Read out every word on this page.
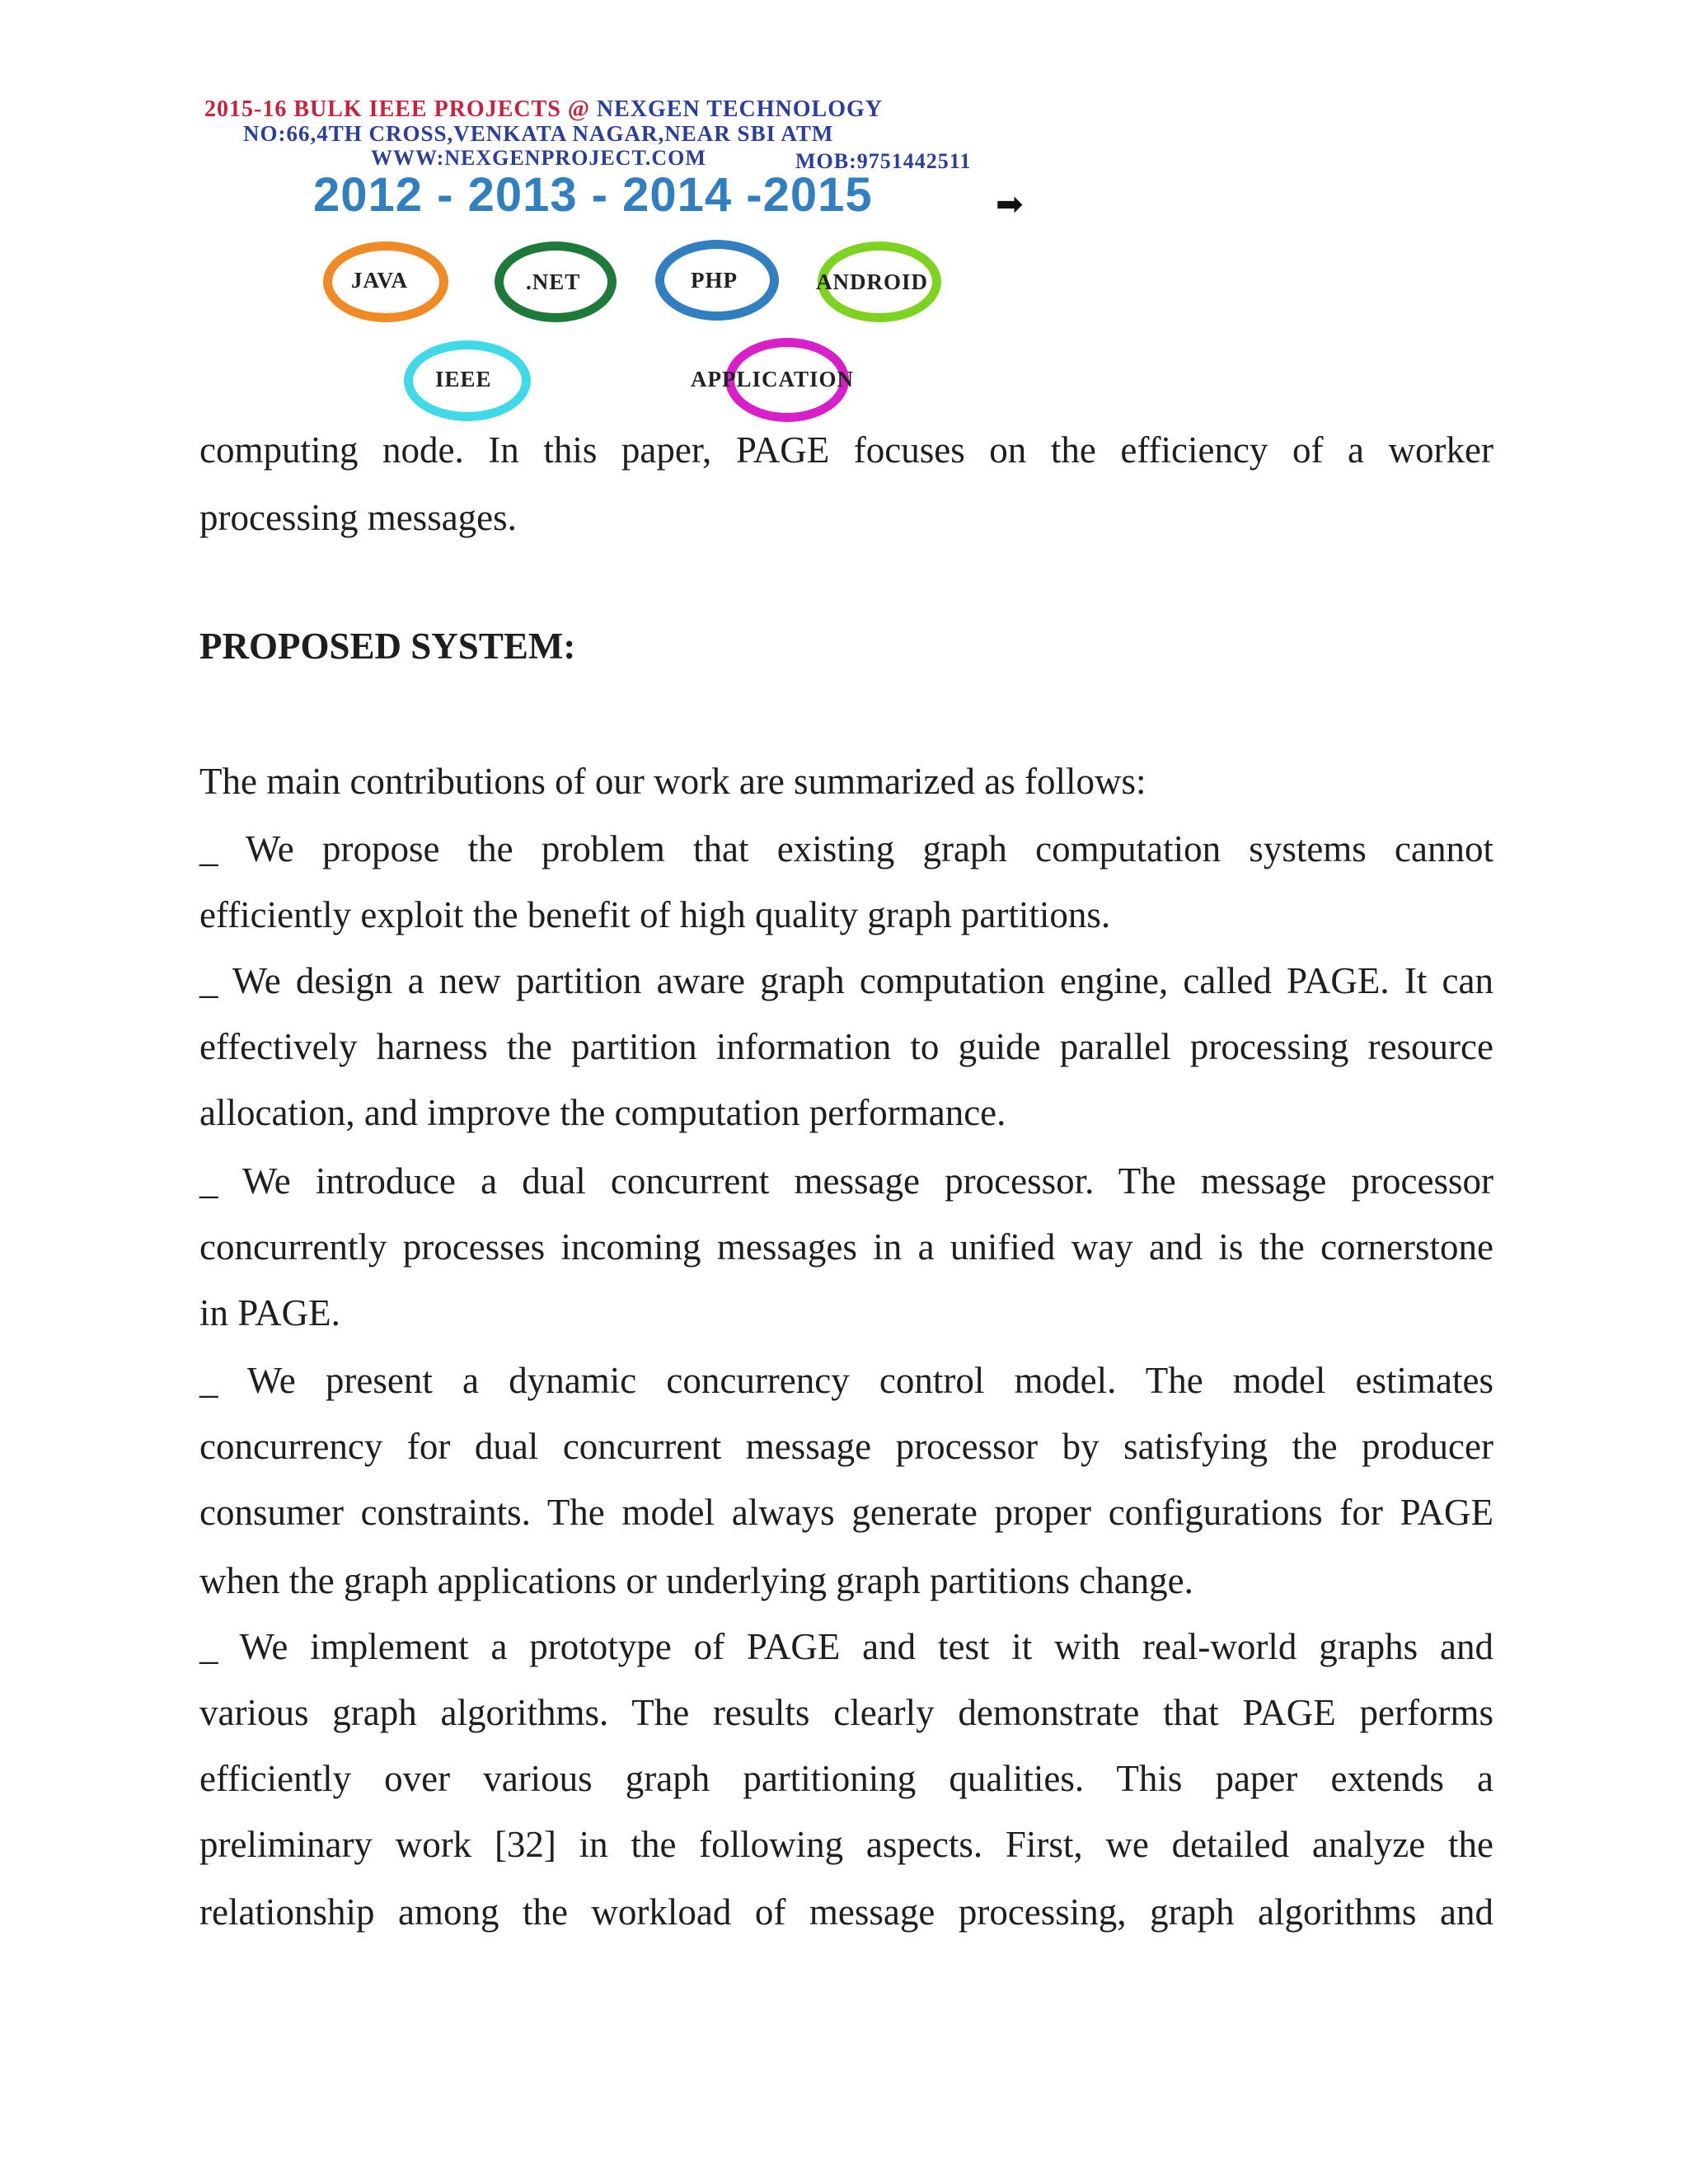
2015-16 BULK IEEE PROJECTS @ NEXGEN TECHNOLOGY
NO:66,4TH CROSS,VENKATA NAGAR,NEAR SBI ATM
WWW:NEXGENPROJECT.COM	MOB:9751442511
2012 - 2013 - 2014 -2015	➡
JAVA	.NET	PHP	ANDROID
IEEE	APPLICATION
computing node. In this paper, PAGE focuses on the efficiency of a worker
processing messages.
PROPOSED SYSTEM:
The main contributions of our work are summarized as follows:
_ We propose the problem that existing graph computation systems cannot
efficiently exploit the benefit of high quality graph partitions.
_ We design a new partition aware graph computation engine, called PAGE. It can
effectively harness the partition information to guide parallel processing resource
allocation, and improve the computation performance.
_ We introduce a dual concurrent message processor. The message processor
concurrently processes incoming messages in a unified way and is the cornerstone
in PAGE.
_ We present a dynamic concurrency control model. The model estimates
concurrency for dual concurrent message processor by satisfying the producer
consumer constraints. The model always generate proper configurations for PAGE
when the graph applications or underlying graph partitions change.
_ We implement a prototype of PAGE and test it with real-world graphs and
various graph algorithms. The results clearly demonstrate that PAGE performs
efficiently over various graph partitioning qualities. This paper extends a
preliminary work [32] in the following aspects. First, we detailed analyze the
relationship among the workload of message processing, graph algorithms and
